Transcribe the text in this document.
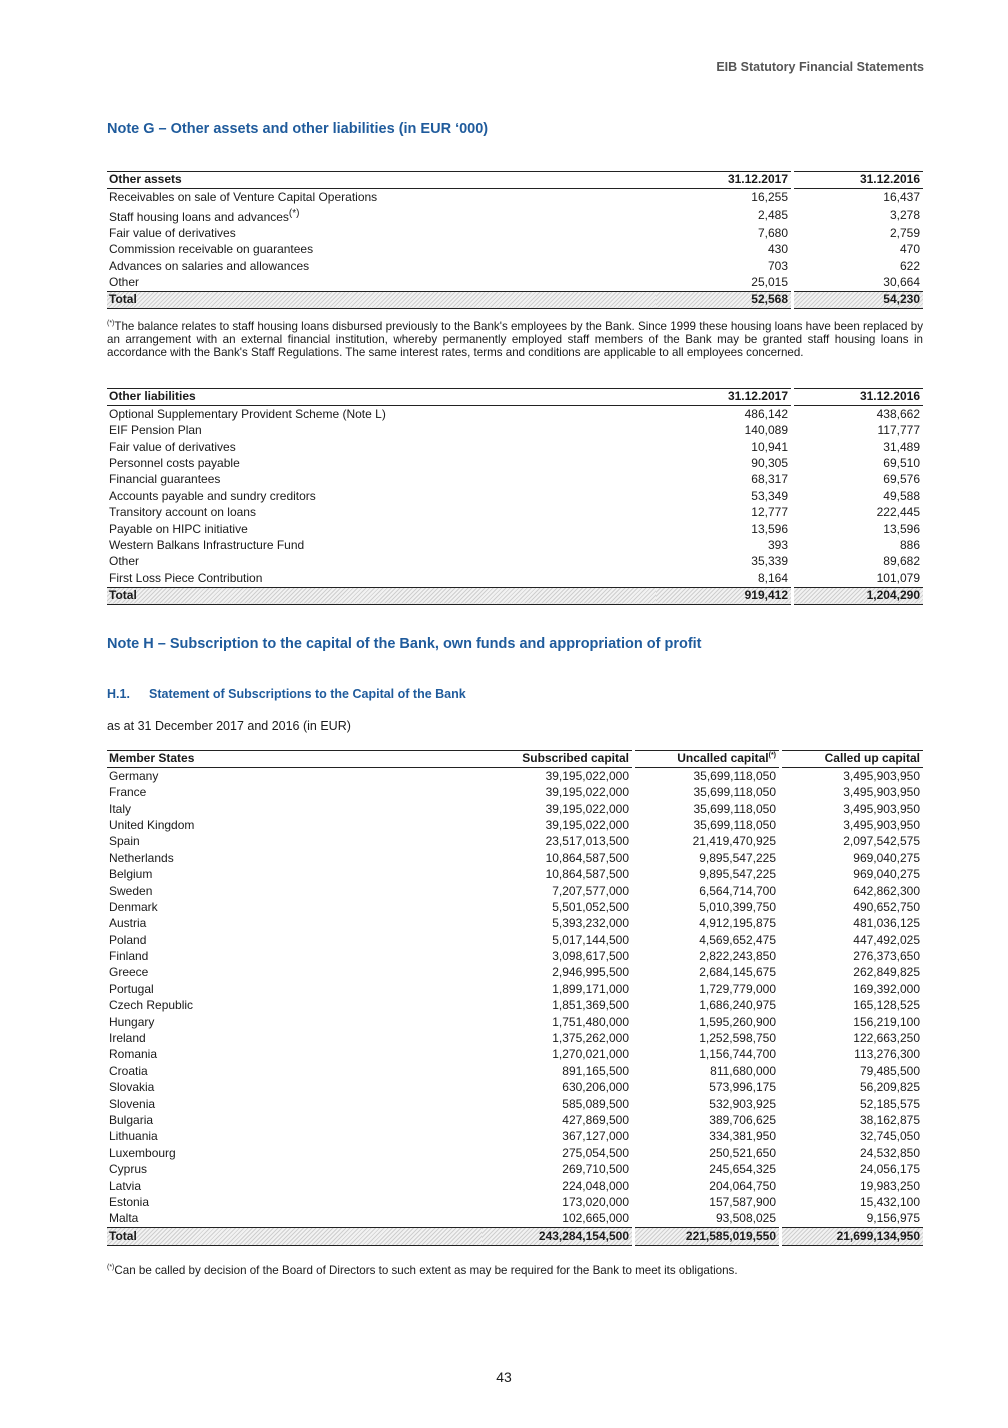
EIB Statutory Financial Statements
Note G – Other assets and other liabilities (in EUR ‘000)
Other assets	31.12.2017		31.12.2016
Receivables on sale of Venture Capital Operations	16,255		16,437
Staff housing loans and advances(*)	2,485		3,278
Fair value of derivatives	7,680		2,759
Commission receivable on guarantees	430		470
Advances on salaries and allowances	703		622
Other	25,015		30,664
Total	52,568		54,230
(*)The balance relates to staff housing loans disbursed previously to the Bank's employees by the Bank. Since 1999 these housing loans have been replaced by an arrangement with an external financial institution, whereby permanently employed staff members of the Bank may be granted staff housing loans in accordance with the Bank's Staff Regulations. The same interest rates, terms and conditions are applicable to all employees concerned.
Other liabilities	31.12.2017		31.12.2016
Optional Supplementary Provident Scheme (Note L)	486,142		438,662
EIF Pension Plan	140,089		117,777
Fair value of derivatives	10,941		31,489
Personnel costs payable	90,305		69,510
Financial guarantees	68,317		69,576
Accounts payable and sundry creditors	53,349		49,588
Transitory account on loans	12,777		222,445
Payable on HIPC initiative	13,596		13,596
Western Balkans Infrastructure Fund	393		886
Other	35,339		89,682
First Loss Piece Contribution	8,164		101,079
Total	919,412		1,204,290
Note H – Subscription to the capital of the Bank, own funds and appropriation of profit
H.1. Statement of Subscriptions to the Capital of the Bank
as at 31 December 2017 and 2016 (in EUR)
Member States	Subscribed capital		Uncalled capital(*)		Called up capital
Germany	39,195,022,000		35,699,118,050		3,495,903,950
France	39,195,022,000		35,699,118,050		3,495,903,950
Italy	39,195,022,000		35,699,118,050		3,495,903,950
United Kingdom	39,195,022,000		35,699,118,050		3,495,903,950
Spain	23,517,013,500		21,419,470,925		2,097,542,575
Netherlands	10,864,587,500		9,895,547,225		969,040,275
Belgium	10,864,587,500		9,895,547,225		969,040,275
Sweden	7,207,577,000		6,564,714,700		642,862,300
Denmark	5,501,052,500		5,010,399,750		490,652,750
Austria	5,393,232,000		4,912,195,875		481,036,125
Poland	5,017,144,500		4,569,652,475		447,492,025
Finland	3,098,617,500		2,822,243,850		276,373,650
Greece	2,946,995,500		2,684,145,675		262,849,825
Portugal	1,899,171,000		1,729,779,000		169,392,000
Czech Republic	1,851,369,500		1,686,240,975		165,128,525
Hungary	1,751,480,000		1,595,260,900		156,219,100
Ireland	1,375,262,000		1,252,598,750		122,663,250
Romania	1,270,021,000		1,156,744,700		113,276,300
Croatia	891,165,500		811,680,000		79,485,500
Slovakia	630,206,000		573,996,175		56,209,825
Slovenia	585,089,500		532,903,925		52,185,575
Bulgaria	427,869,500		389,706,625		38,162,875
Lithuania	367,127,000		334,381,950		32,745,050
Luxembourg	275,054,500		250,521,650		24,532,850
Cyprus	269,710,500		245,654,325		24,056,175
Latvia	224,048,000		204,064,750		19,983,250
Estonia	173,020,000		157,587,900		15,432,100
Malta	102,665,000		93,508,025		9,156,975
Total	243,284,154,500		221,585,019,550		21,699,134,950
(*)Can be called by decision of the Board of Directors to such extent as may be required for the Bank to meet its obligations.
43
